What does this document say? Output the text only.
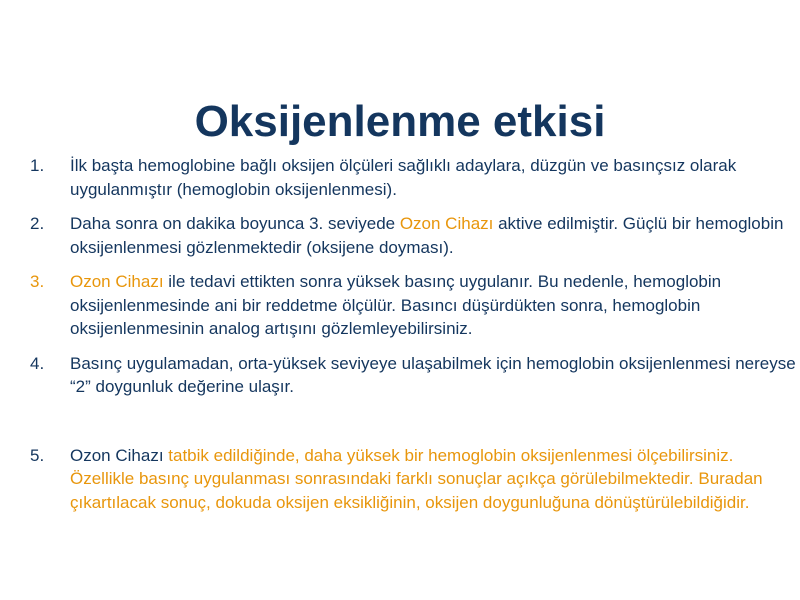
Oksijenlenme etkisi
1. İlk başta hemoglobine bağlı oksijen ölçüleri sağlıklı adaylara, düzgün ve basınçsız olarak uygulanmıştır (hemoglobin oksijenlenmesi).
2. Daha sonra on dakika boyunca 3. seviyede Ozon Cihazı aktive edilmiştir. Güçlü bir hemoglobin oksijenlenmesi gözlenmektedir (oksijene doyması).
3. Ozon Cihazı ile tedavi ettikten sonra yüksek basınç uygulanır. Bu nedenle, hemoglobin oksijenlenmesinde ani bir reddetme ölçülür. Basıncı düşürdükten sonra, hemoglobin oksijenlenmesinin analog artışını gözlemleyebilirsiniz.
4. Basınç uygulamadan, orta-yüksek seviyeye ulaşabilmek için hemoglobin oksijenlenmesi nereyse “2” doygunluk değerine ulaşır.
5. Ozon Cihazı tatbik edildiğinde, daha yüksek bir hemoglobin oksijenlenmesi ölçebilirsiniz. Özellikle basınç uygulanması sonrasındaki farklı sonuçlar açıkça görülebilmektedir. Buradan çıkartılacak sonuç, dokuda oksijen eksikliğinin, oksijen doygunluğuna dönüştürülebildiğidir.
